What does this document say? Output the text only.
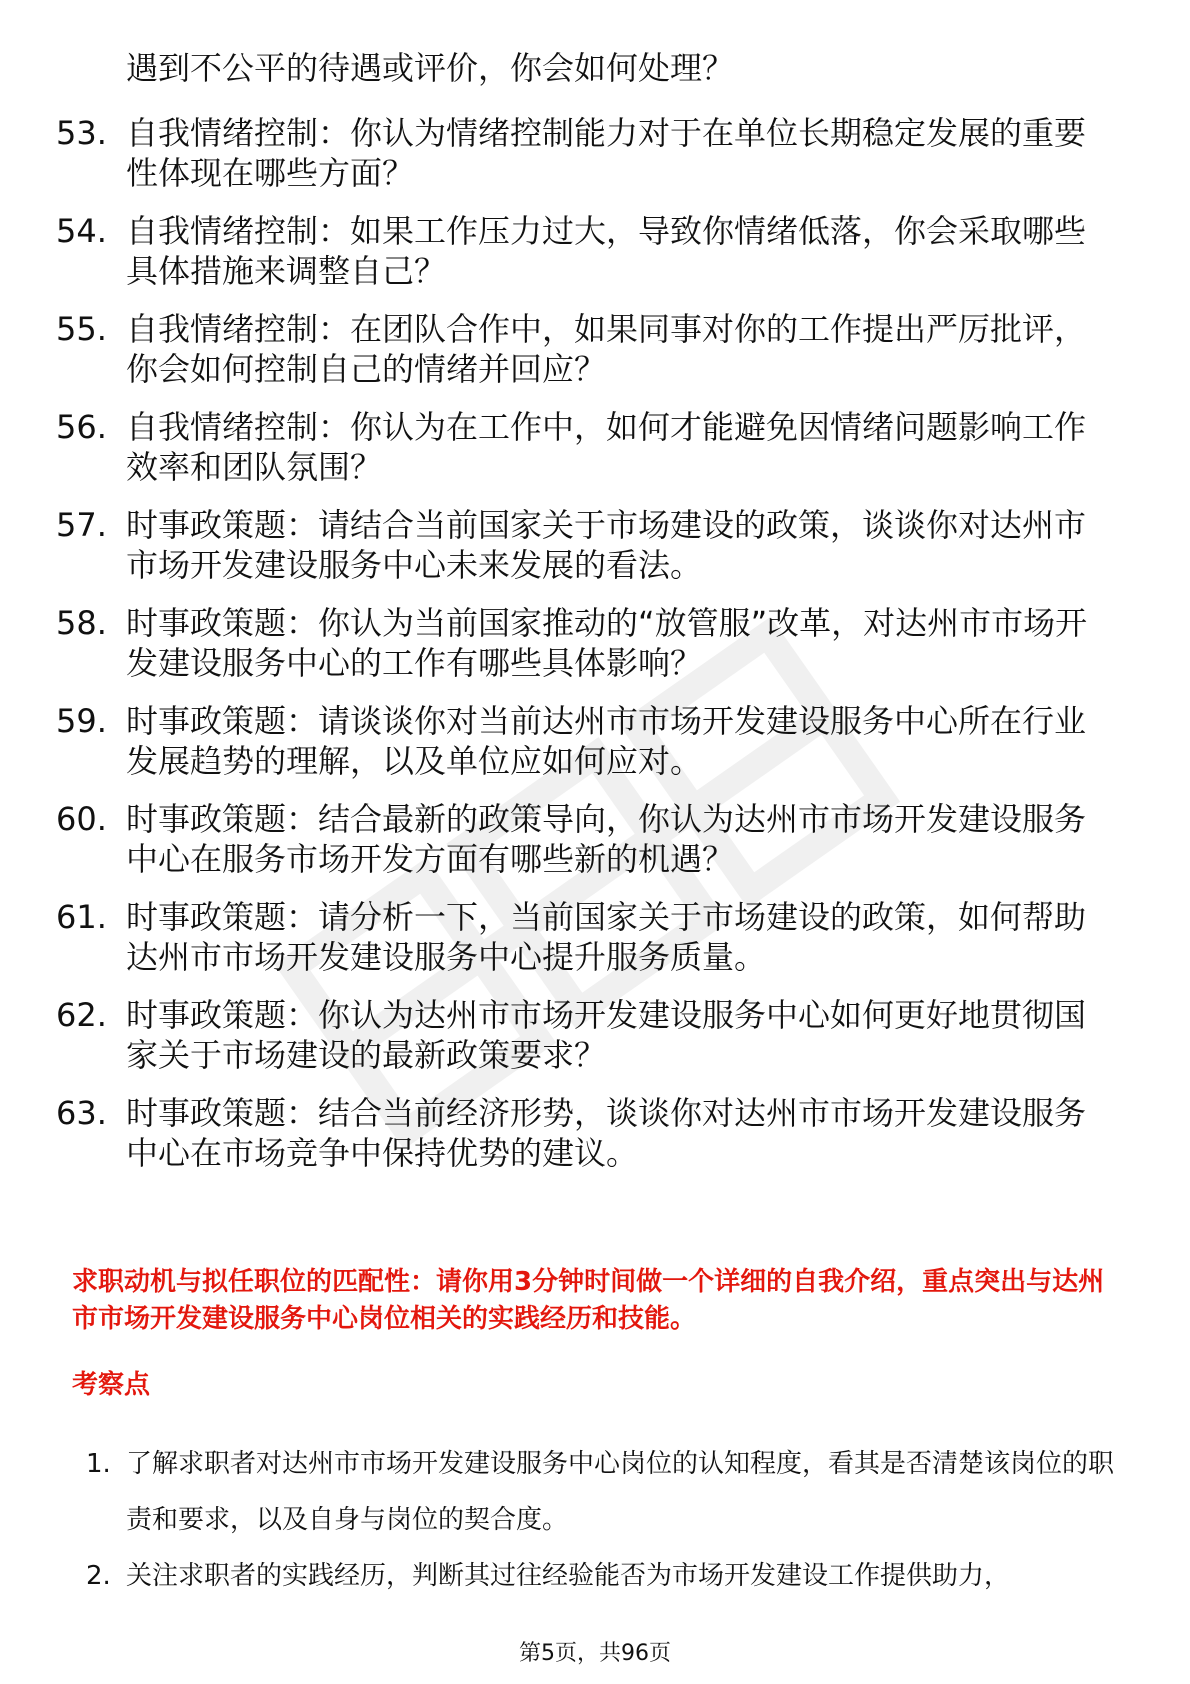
遇到不公平的待遇或评价，你会如何处理？
53. 自我情绪控制：你认为情绪控制能力对于在单位长期稳定发展的重要性体现在哪些方面？
54. 自我情绪控制：如果工作压力过大，导致你情绪低落，你会采取哪些具体措施来调整自己？
55. 自我情绪控制：在团队合作中，如果同事对你的工作提出严厉批评，你会如何控制自己的情绪并回应？
56. 自我情绪控制：你认为在工作中，如何才能避免因情绪问题影响工作效率和团队氛围？
57. 时事政策题：请结合当前国家关于市场建设的政策，谈谈你对达州市市场开发建设服务中心未来发展的看法。
58. 时事政策题：你认为当前国家推动的“放管服”改革，对达州市市场开发建设服务中心的工作有哪些具体影响？
59. 时事政策题：请谈谈你对当前达州市市场开发建设服务中心所在行业发展趋势的理解，以及单位应如何应对。
60. 时事政策题：结合最新的政策导向，你认为达州市市场开发建设服务中心在服务市场开发方面有哪些新的机遇？
61. 时事政策题：请分析一下，当前国家关于市场建设的政策，如何帮助达州市市场开发建设服务中心提升服务质量。
62. 时事政策题：你认为达州市市场开发建设服务中心如何更好地贯彻国家关于市场建设的最新政策要求？
63. 时事政策题：结合当前经济形势，谈谈你对达州市市场开发建设服务中心在市场竞争中保持优势的建议。
求职动机与拟任职位的匹配性：请你用3分钟时间做一个详细的自我介绍，重点突出与达州市市场开发建设服务中心岗位相关的实践经历和技能。
考察点
1. 了解求职者对达州市市场开发建设服务中心岗位的认知程度，看其是否清楚该岗位的职责和要求，以及自身与岗位的契合度。
2. 关注求职者的实践经历，判断其过往经验能否为市场开发建设工作提供助力，
第5页，共96页
